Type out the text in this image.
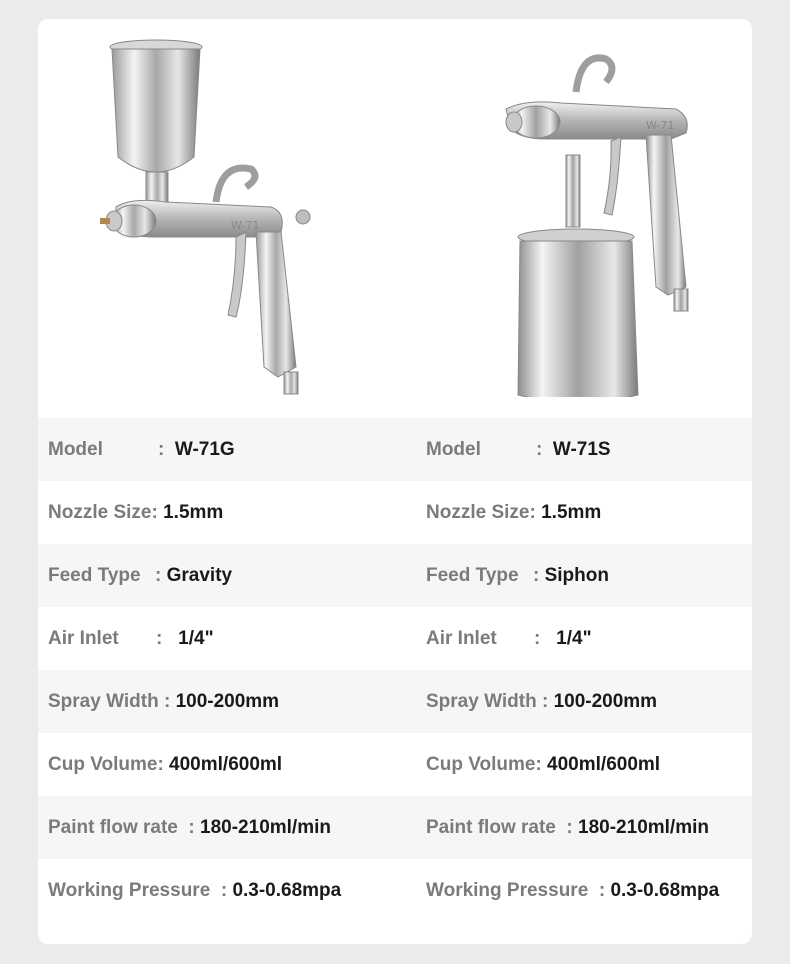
W-71
W-71
Model	: W-71G	Model	: W-71S
Nozzle Size: 1.5mm	Nozzle Size: 1.5mm
Feed Type : Gravity	Feed Type : Siphon
Air Inlet : 1/4"	Air Inlet : 1/4"
Spray Width : 100-200mm	Spray Width : 100-200mm
Cup Volume: 400ml/600ml	Cup Volume: 400ml/600ml
Paint flow rate : 180-210ml/min	Paint flow rate : 180-210ml/min
Working Pressure : 0.3-0.68mpa	Working Pressure : 0.3-0.68mpa
